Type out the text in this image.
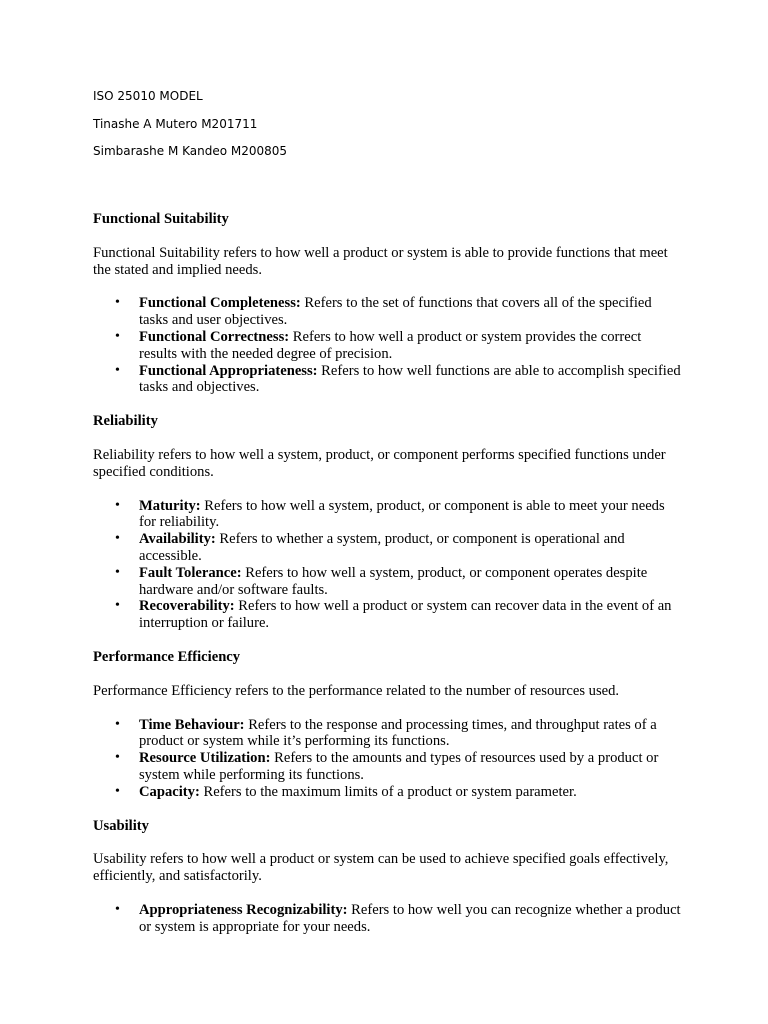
ISO 25010 MODEL
Tinashe A Mutero M201711
Simbarashe M Kandeo M200805
Functional Suitability

Functional Suitability refers to how well a product or system is able to provide functions that meet the stated and implied needs.

• Functional Completeness: Refers to the set of functions that covers all of the specified tasks and user objectives.
• Functional Correctness: Refers to how well a product or system provides the correct results with the needed degree of precision.
• Functional Appropriateness: Refers to how well functions are able to accomplish specified tasks and objectives.
Reliability

Reliability refers to how well a system, product, or component performs specified functions under specified conditions.

• Maturity: Refers to how well a system, product, or component is able to meet your needs for reliability.
• Availability: Refers to whether a system, product, or component is operational and accessible.
• Fault Tolerance: Refers to how well a system, product, or component operates despite hardware and/or software faults.
• Recoverability: Refers to how well a product or system can recover data in the event of an interruption or failure.
Performance Efficiency

Performance Efficiency refers to the performance related to the number of resources used.

• Time Behaviour: Refers to the response and processing times, and throughput rates of a product or system while it’s performing its functions.
• Resource Utilization: Refers to the amounts and types of resources used by a product or system while performing its functions.
• Capacity: Refers to the maximum limits of a product or system parameter.
Usability

Usability refers to how well a product or system can be used to achieve specified goals effectively, efficiently, and satisfactorily.

• Appropriateness Recognizability: Refers to how well you can recognize whether a product or system is appropriate for your needs.
